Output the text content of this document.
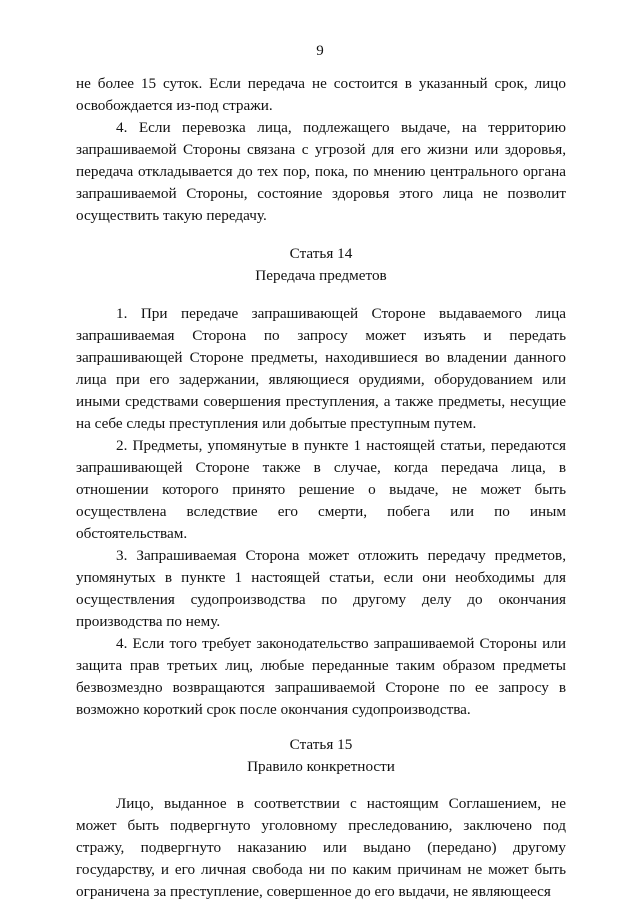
9

не более 15 суток. Если передача не состоится в указанный срок, лицо освобождается из-под стражи.

4. Если перевозка лица, подлежащего выдаче, на территорию запрашиваемой Стороны связана с угрозой для его жизни или здоровья, передача откладывается до тех пор, пока, по мнению центрального органа запрашиваемой Стороны, состояние здоровья этого лица не позволит осуществить такую передачу.

Статья 14
Передача предметов

1. При передаче запрашивающей Стороне выдаваемого лица запрашиваемая Сторона по запросу может изъять и передать запрашивающей Стороне предметы, находившиеся во владении данного лица при его задержании, являющиеся орудиями, оборудованием или иными средствами совершения преступления, а также предметы, несущие на себе следы преступления или добытые преступным путем.

2. Предметы, упомянутые в пункте 1 настоящей статьи, передаются запрашивающей Стороне также в случае, когда передача лица, в отношении которого принято решение о выдаче, не может быть осуществлена вследствие его смерти, побега или по иным обстоятельствам.

3. Запрашиваемая Сторона может отложить передачу предметов, упомянутых в пункте 1 настоящей статьи, если они необходимы для осуществления судопроизводства по другому делу до окончания производства по нему.

4. Если того требует законодательство запрашиваемой Стороны или защита прав третьих лиц, любые переданные таким образом предметы безвозмездно возвращаются запрашиваемой Стороне по ее запросу в возможно короткий срок после окончания судопроизводства.

Статья 15
Правило конкретности

Лицо, выданное в соответствии с настоящим Соглашением, не может быть подвергнуто уголовному преследованию, заключено под стражу, подвергнуто наказанию или выдано (передано) другому государству, и его личная свобода ни по каким причинам не может быть ограничена за преступление, совершенное до его выдачи, не являющееся
